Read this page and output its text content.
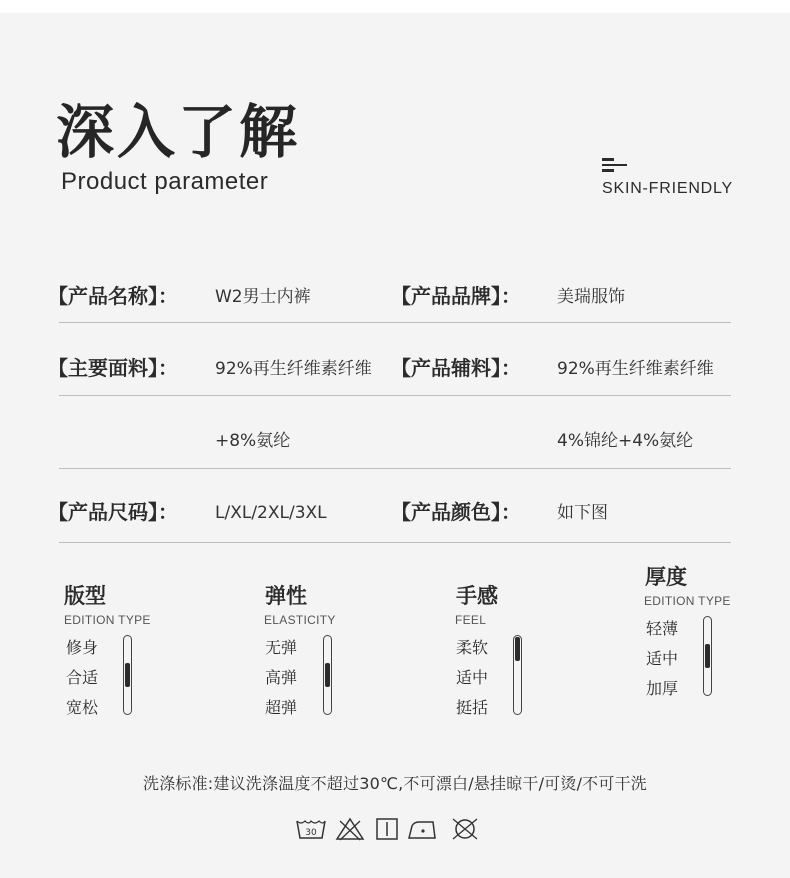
深入了解
Product parameter	SKIN-FRIENDLY
【产品名称】： W2男士内裤	【产品品牌】： 美瑞服饰
【主要面料】： 92%再生纤维素纤维 【产品辅料】： 92%再生纤维素纤维
+8%氨纶	4%锦纶+4%氨纶
【产品尺码】： L/XL/2XL/3XL	【产品颜色】： 如下图
版型
EDITION TYPE
修身
合适
宽松
弹性
ELASTICITY
无弹
高弹
超弹
手感
FEEL
柔软
适中
挺括
厚度
EDITION TYPE
轻薄
适中
加厚
洗涤标准:建议洗涤温度不超过30℃,不可漂白/悬挂晾干/可烫/不可干洗
30
